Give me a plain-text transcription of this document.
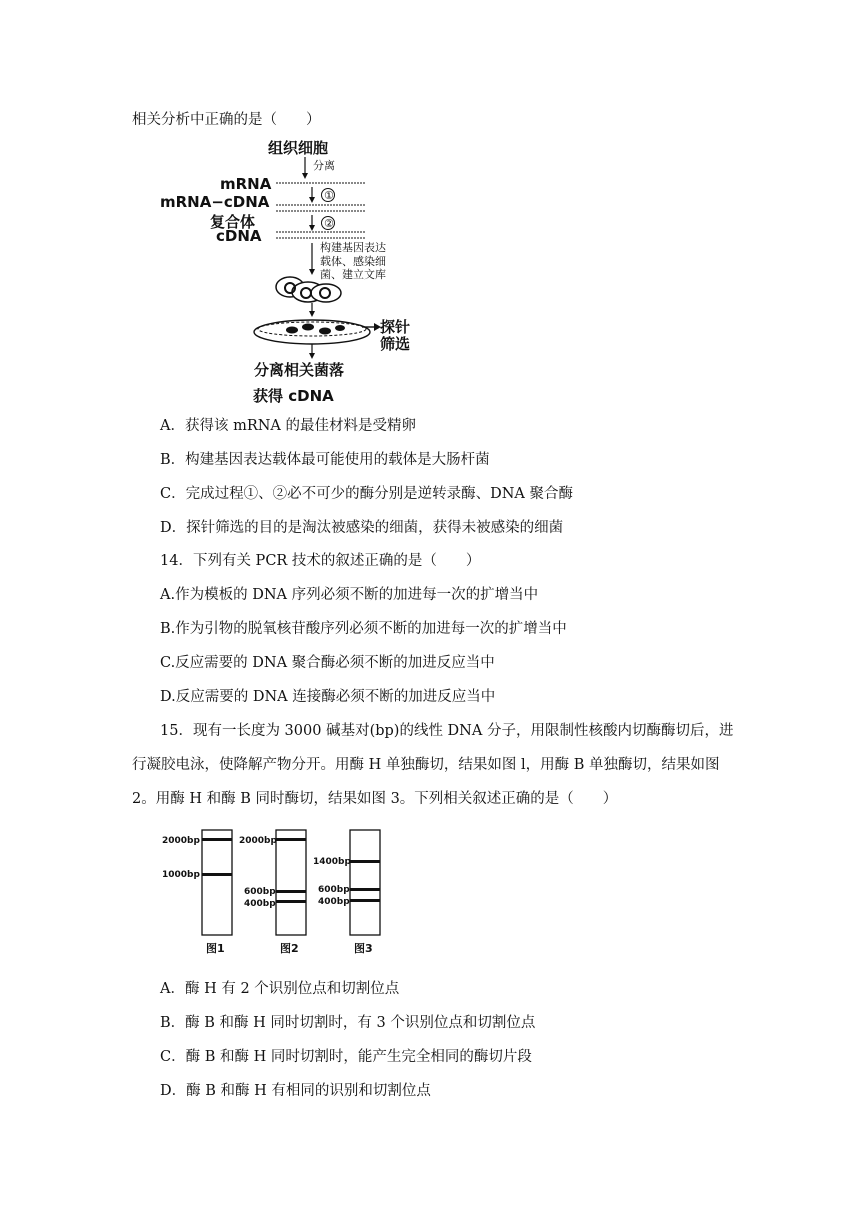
相关分析中正确的是（　　）
组织细胞
分离
mRNA
①
mRNA−cDNA
复合体	②
cDNA
构建基因表达
载体、感染细
菌、建立文库
探针
筛选
分离相关菌落
获得 cDNA
A．获得该 mRNA 的最佳材料是受精卵
B．构建基因表达载体最可能使用的载体是大肠杆菌
C．完成过程①、②必不可少的酶分别是逆转录酶、DNA 聚合酶
D．探针筛选的目的是淘汰被感染的细菌，获得未被感染的细菌
14．下列有关 PCR 技术的叙述正确的是（　　）
A.作为模板的 DNA 序列必须不断的加进每一次的扩增当中
B.作为引物的脱氧核苷酸序列必须不断的加进每一次的扩增当中
C.反应需要的 DNA 聚合酶必须不断的加进反应当中
D.反应需要的 DNA 连接酶必须不断的加进反应当中
15．现有一长度为 3000 碱基对(bp)的线性 DNA 分子，用限制性核酸内切酶酶切后，进
行凝胶电泳，使降解产物分开。用酶 H 单独酶切，结果如图 l，用酶 B 单独酶切，结果如图
2。用酶 H 和酶 B 同时酶切，结果如图 3。下列相关叙述正确的是（　　）
2000bp
1000bp
图1
2000bp
600bp
400bp
图2
1400bp
600bp
400bp
图3
A．酶 H 有 2 个识别位点和切割位点
B．酶 B 和酶 H 同时切割时，有 3 个识别位点和切割位点
C．酶 B 和酶 H 同时切割时，能产生完全相同的酶切片段
D．酶 B 和酶 H 有相同的识别和切割位点
